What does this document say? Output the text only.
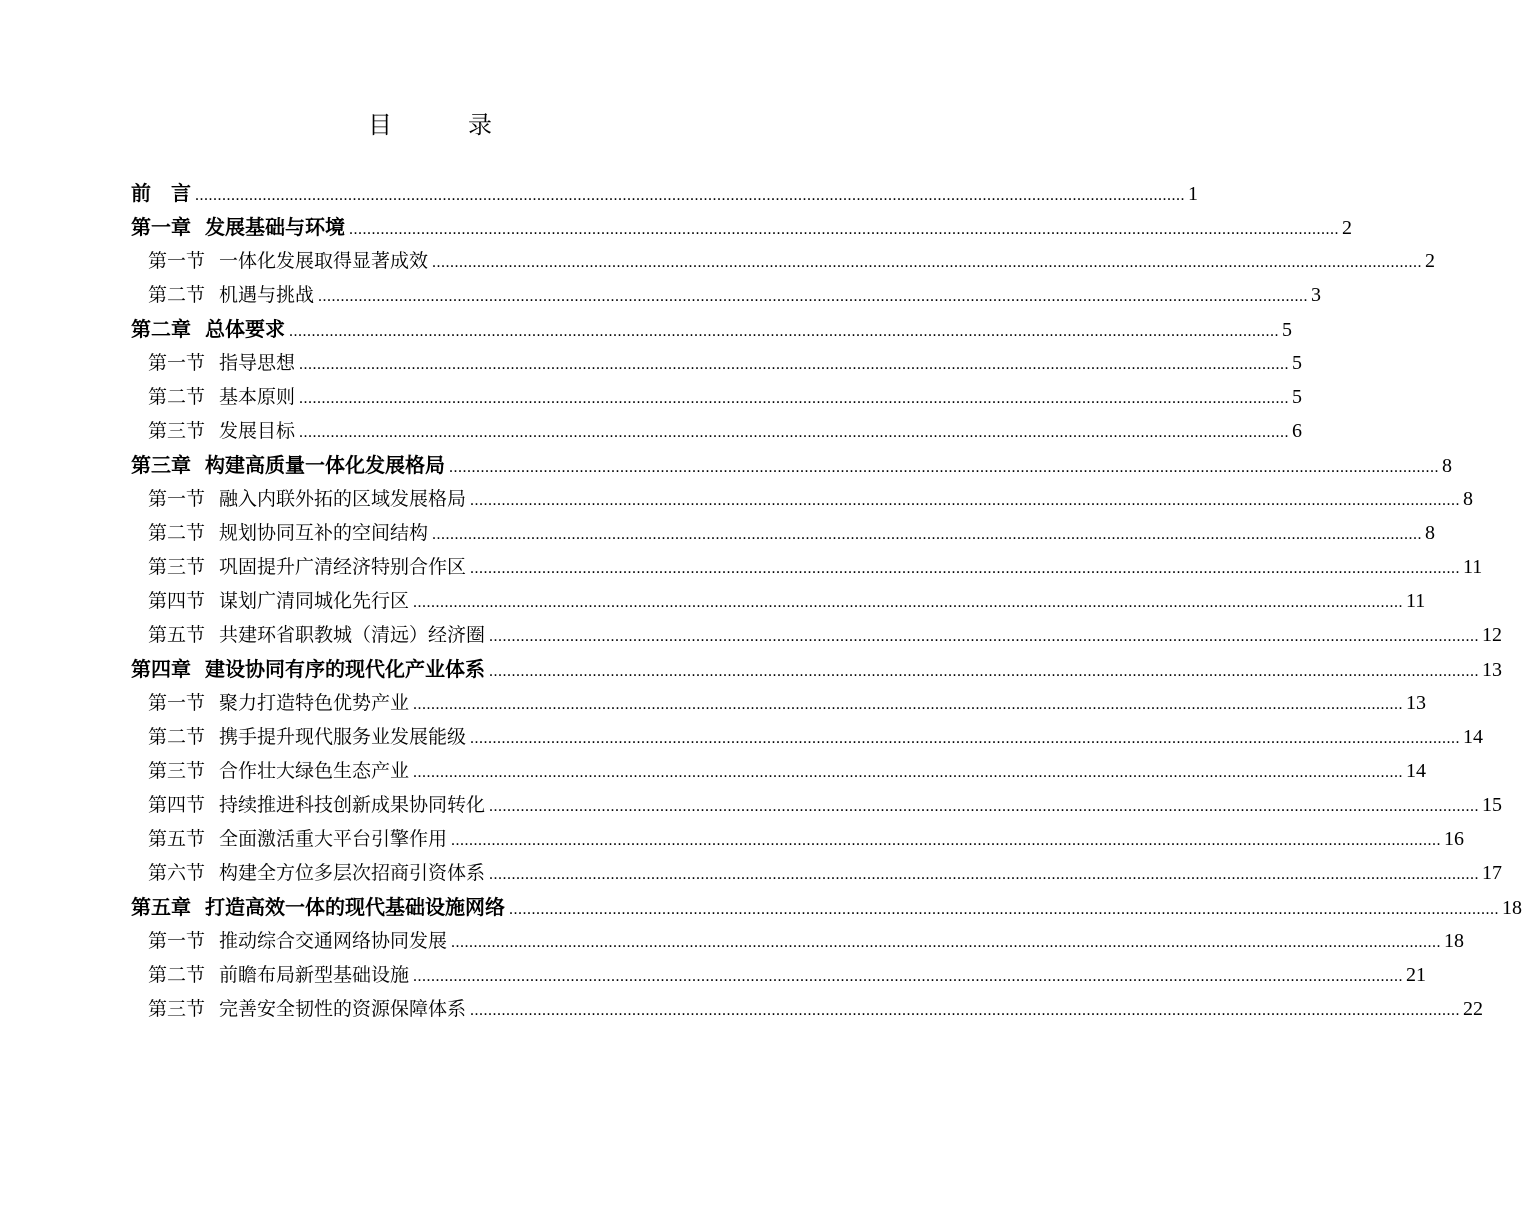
目　录
前　言 ............................................................................................................................................................................................................................ 1
第一章 发展基础与环境 ............................................................................................................................................................................................................................ 2
第一节 一体化发展取得显著成效 ............................................................................................................................................................................................................................ 2
第二节 机遇与挑战 ............................................................................................................................................................................................................................ 3
第二章 总体要求 ............................................................................................................................................................................................................................ 5
第一节 指导思想 ............................................................................................................................................................................................................................ 5
第二节 基本原则 ............................................................................................................................................................................................................................ 5
第三节 发展目标 ............................................................................................................................................................................................................................ 6
第三章 构建高质量一体化发展格局 ............................................................................................................................................................................................................................ 8
第一节 融入内联外拓的区域发展格局 ............................................................................................................................................................................................................................ 8
第二节 规划协同互补的空间结构 ............................................................................................................................................................................................................................ 8
第三节 巩固提升广清经济特别合作区 ............................................................................................................................................................................................................................ 11
第四节 谋划广清同城化先行区 ............................................................................................................................................................................................................................ 11
第五节 共建环省职教城（清远）经济圈 ............................................................................................................................................................................................................................ 12
第四章 建设协同有序的现代化产业体系 ............................................................................................................................................................................................................................ 13
第一节 聚力打造特色优势产业 ............................................................................................................................................................................................................................ 13
第二节 携手提升现代服务业发展能级 ............................................................................................................................................................................................................................ 14
第三节 合作壮大绿色生态产业 ............................................................................................................................................................................................................................ 14
第四节 持续推进科技创新成果协同转化 ............................................................................................................................................................................................................................ 15
第五节 全面激活重大平台引擎作用 ............................................................................................................................................................................................................................ 16
第六节 构建全方位多层次招商引资体系 ............................................................................................................................................................................................................................ 17
第五章 打造高效一体的现代基础设施网络 ............................................................................................................................................................................................................................ 18
第一节 推动综合交通网络协同发展 ............................................................................................................................................................................................................................ 18
第二节 前瞻布局新型基础设施 ............................................................................................................................................................................................................................ 21
第三节 完善安全韧性的资源保障体系 ............................................................................................................................................................................................................................ 22
